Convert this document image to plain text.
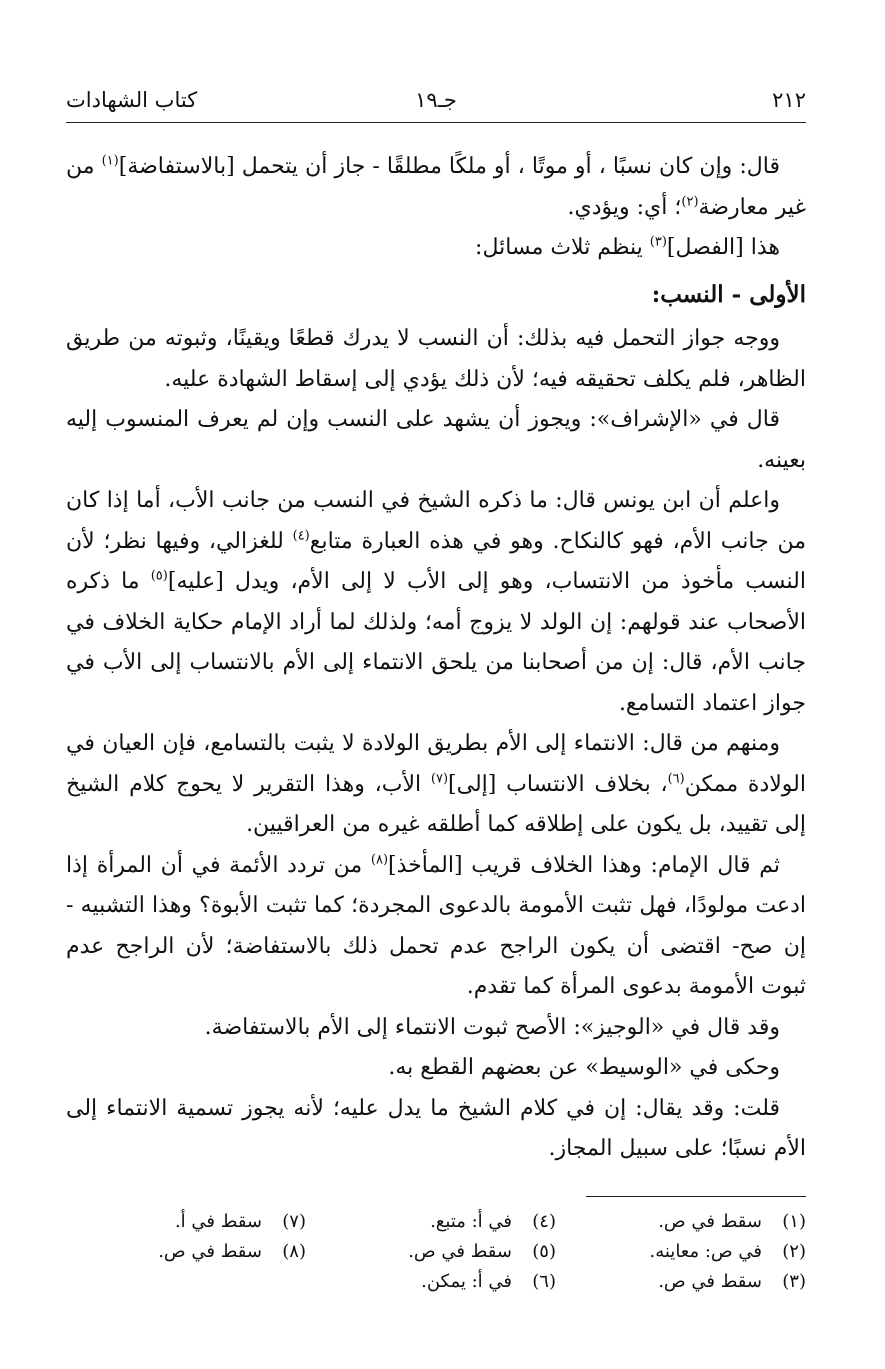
٢١٢
جـ١٩
كتاب الشهادات

قال: وإن كان نسبًا ، أو موتًا ، أو ملكًا مطلقًا - جاز أن يتحمل [بالاستفاضة]$^{(١)}$ من غير معارضة$^{(٢)}$؛ أي: ويؤدي.

هذا [الفصل]$^{(٣)}$ ينظم ثلاث مسائل:

الأولى - النسب:

ووجه جواز التحمل فيه بذلك: أن النسب لا يدرك قطعًا ويقينًا، وثبوته من طريق الظاهر، فلم يكلف تحقيقه فيه؛ لأن ذلك يؤدي إلى إسقاط الشهادة عليه.

قال في «الإشراف»: ويجوز أن يشهد على النسب وإن لم يعرف المنسوب إليه بعينه.

واعلم أن ابن يونس قال: ما ذكره الشيخ في النسب من جانب الأب، أما إذا كان من جانب الأم، فهو كالنكاح. وهو في هذه العبارة متابع$^{(٤)}$ للغزالي، وفيها نظر؛ لأن النسب مأخوذ من الانتساب، وهو إلى الأب لا إلى الأم، ويدل [عليه]$^{(٥)}$ ما ذكره الأصحاب عند قولهم: إن الولد لا يزوج أمه؛ ولذلك لما أراد الإمام حكاية الخلاف في جانب الأم، قال: إن من أصحابنا من يلحق الانتماء إلى الأم بالانتساب إلى الأب في جواز اعتماد التسامع.

ومنهم من قال: الانتماء إلى الأم بطريق الولادة لا يثبت بالتسامع، فإن العيان في الولادة ممكن$^{(٦)}$، بخلاف الانتساب [إلى]$^{(٧)}$ الأب، وهذا التقرير لا يحوج كلام الشيخ إلى تقييد، بل يكون على إطلاقه كما أطلقه غيره من العراقيين.

ثم قال الإمام: وهذا الخلاف قريب [المأخذ]$^{(٨)}$ من تردد الأئمة في أن المرأة إذا ادعت مولودًا، فهل تثبت الأمومة بالدعوى المجردة؛ كما تثبت الأبوة؟ وهذا التشبيه - إن صح- اقتضى أن يكون الراجح عدم تحمل ذلك بالاستفاضة؛ لأن الراجح عدم ثبوت الأمومة بدعوى المرأة كما تقدم.

وقد قال في «الوجيز»: الأصح ثبوت الانتماء إلى الأم بالاستفاضة.

وحكى في «الوسيط» عن بعضهم القطع به.

قلت: وقد يقال: إن في كلام الشيخ ما يدل عليه؛ لأنه يجوز تسمية الانتماء إلى الأم نسبًا؛ على سبيل المجاز.

(١)سقط في ص.
(٢)في ص: معاينه.
(٣)سقط في ص.
(٤)في أ: متبع.
(٥)سقط في ص.
(٦)في أ: يمكن.
(٧)سقط في أ.
(٨)سقط في ص.
